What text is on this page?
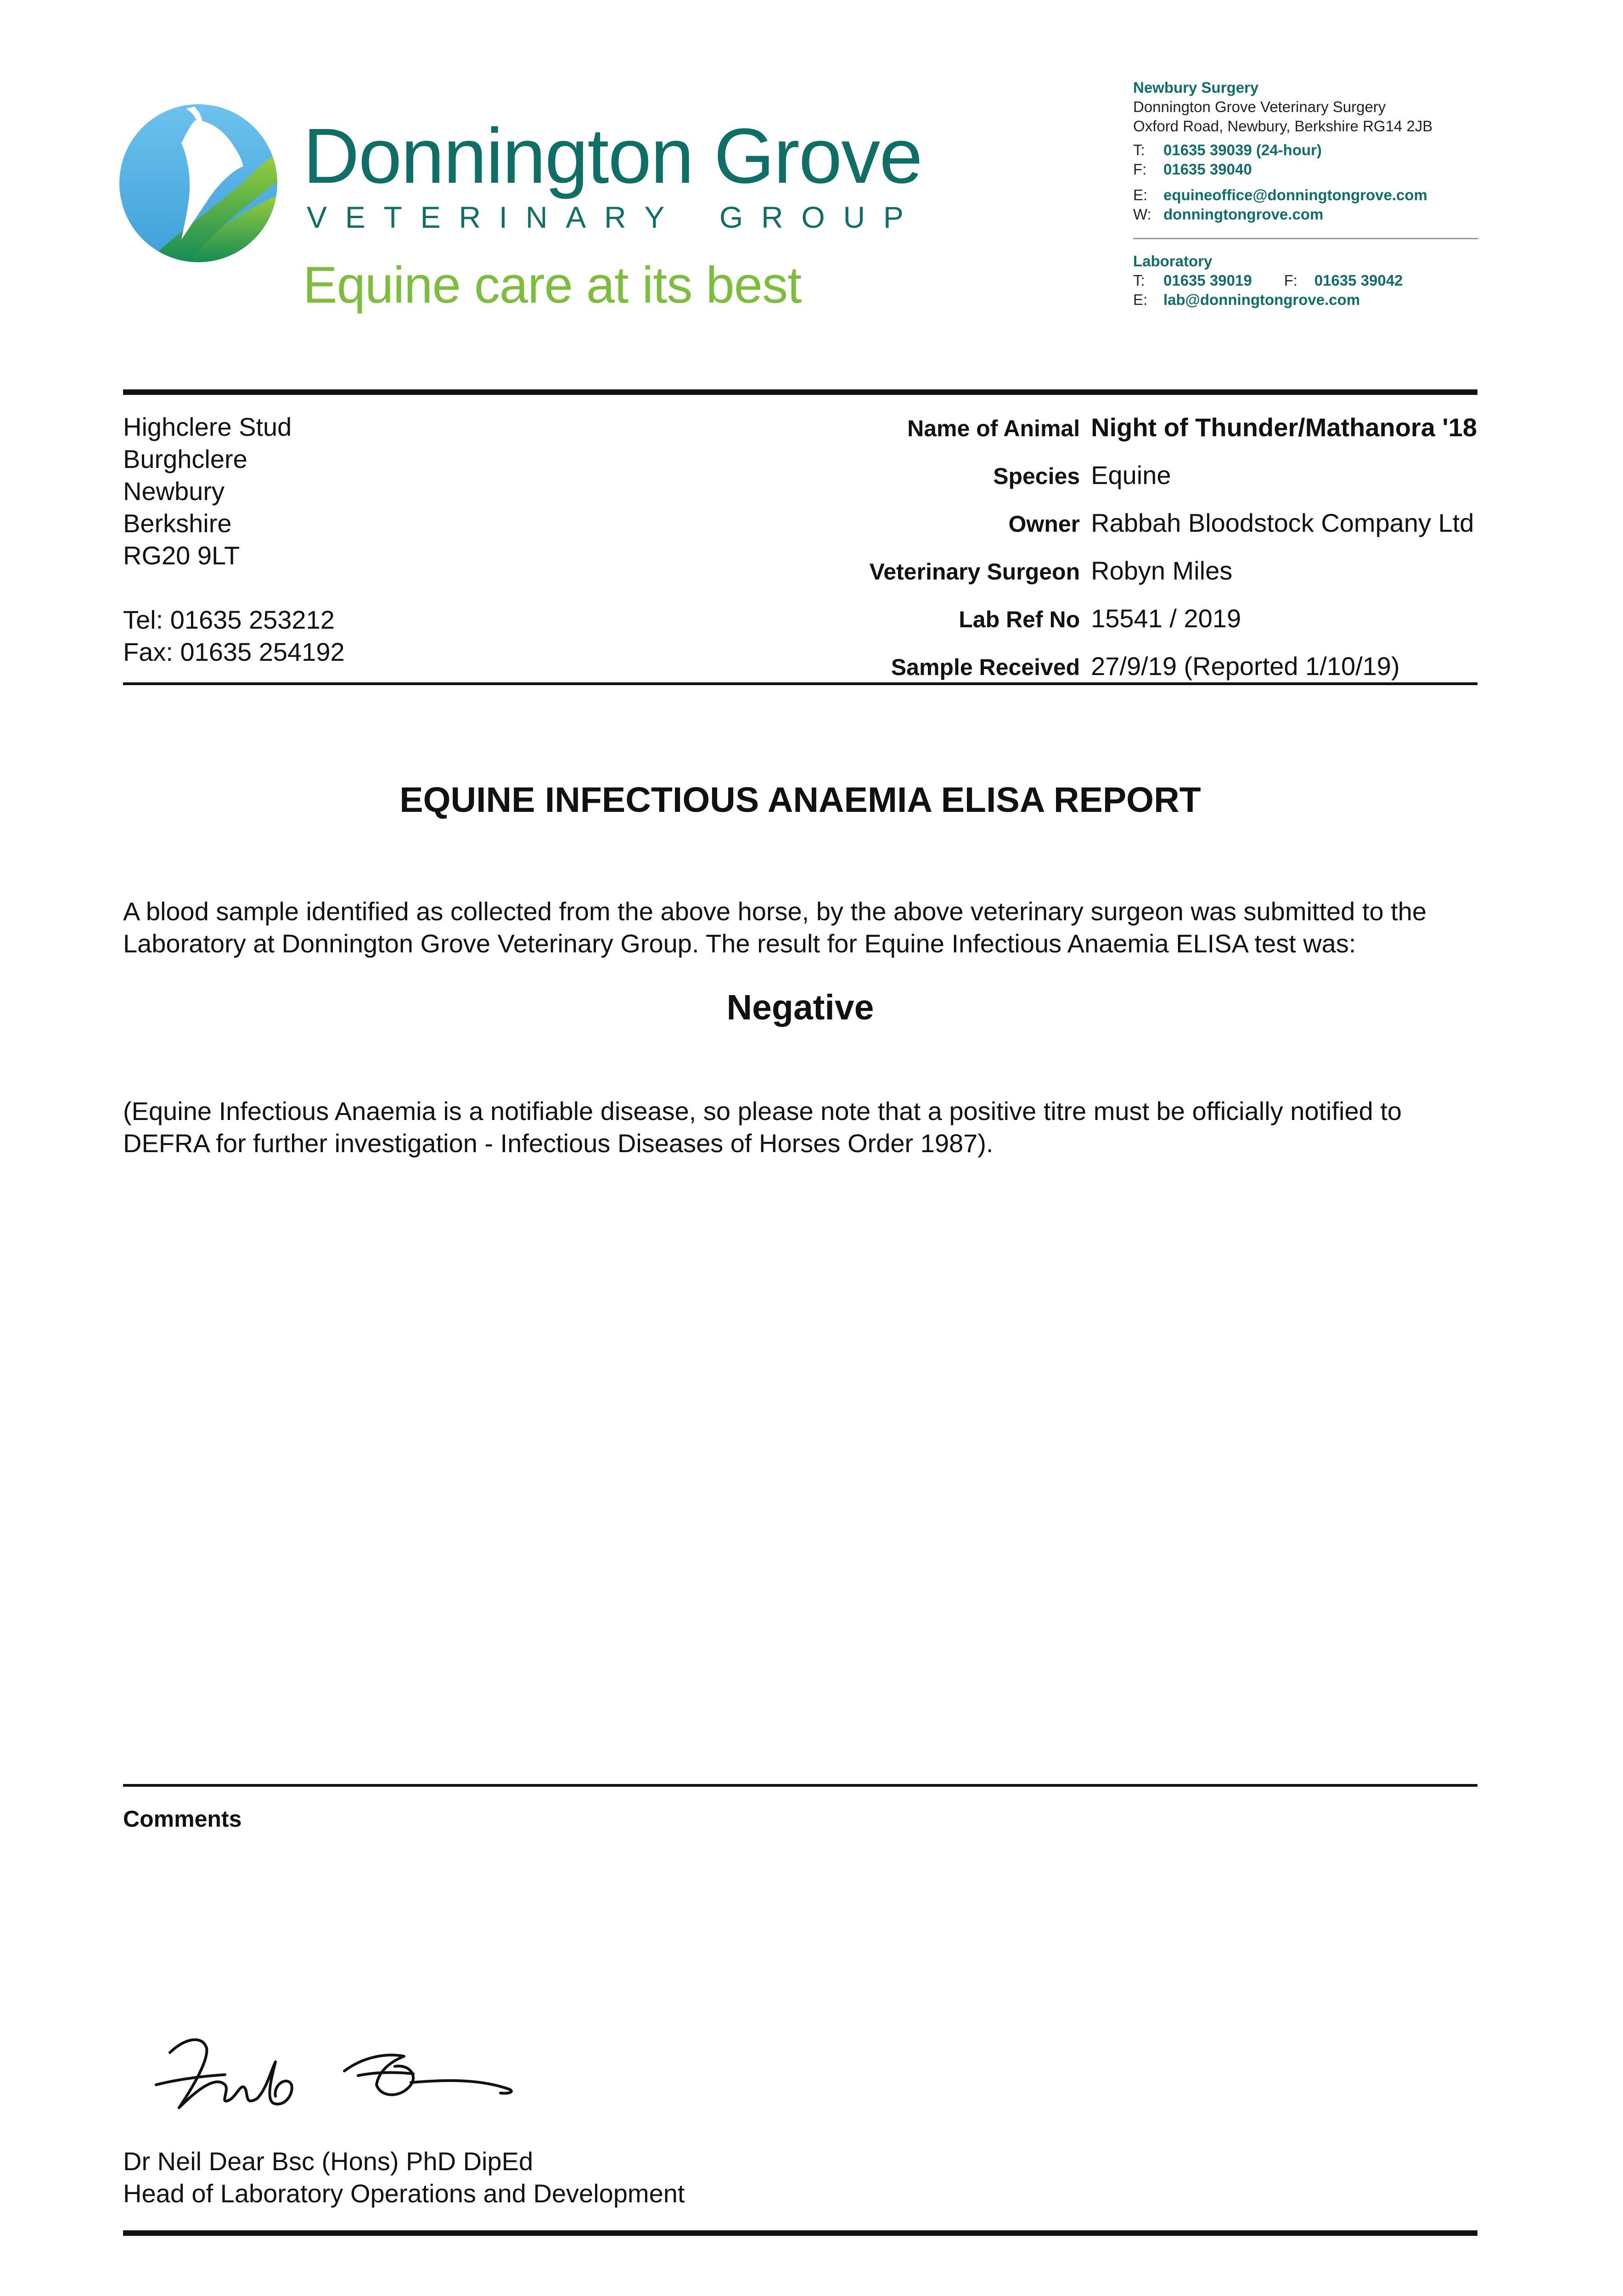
Donnington Grove
V E T E R I N A R Y G R O U P
Equine care at its best
Newbury Surgery
Donnington Grove Veterinary Surgery
Oxford Road, Newbury, Berkshire RG14 2JB
T: 01635 39039 (24-hour)
F: 01635 39040
E: equineoffice@donningtongrove.com
W: donningtongrove.com
Laboratory
T: 01635 39019 F: 01635 39042
E: lab@donningtongrove.com
Highclere Stud
Burghclere
Newbury
Berkshire
RG20 9LT
Tel: 01635 253212
Fax: 01635 254192
Name of Animal	Night of Thunder/Mathanora '18
Species	Equine
Owner	Rabbah Bloodstock Company Ltd
Veterinary Surgeon	Robyn Miles
Lab Ref No	15541 / 2019
Sample Received	27/9/19 (Reported 1/10/19)
EQUINE INFECTIOUS ANAEMIA ELISA REPORT
A blood sample identified as collected from the above horse, by the above veterinary surgeon was submitted to the Laboratory at Donnington Grove Veterinary Group. The result for Equine Infectious Anaemia ELISA test was:
Negative
(Equine Infectious Anaemia is a notifiable disease, so please note that a positive titre must be officially notified to DEFRA for further investigation - Infectious Diseases of Horses Order 1987).
Comments
Dr Neil Dear Bsc (Hons) PhD DipEd
Head of Laboratory Operations and Development
